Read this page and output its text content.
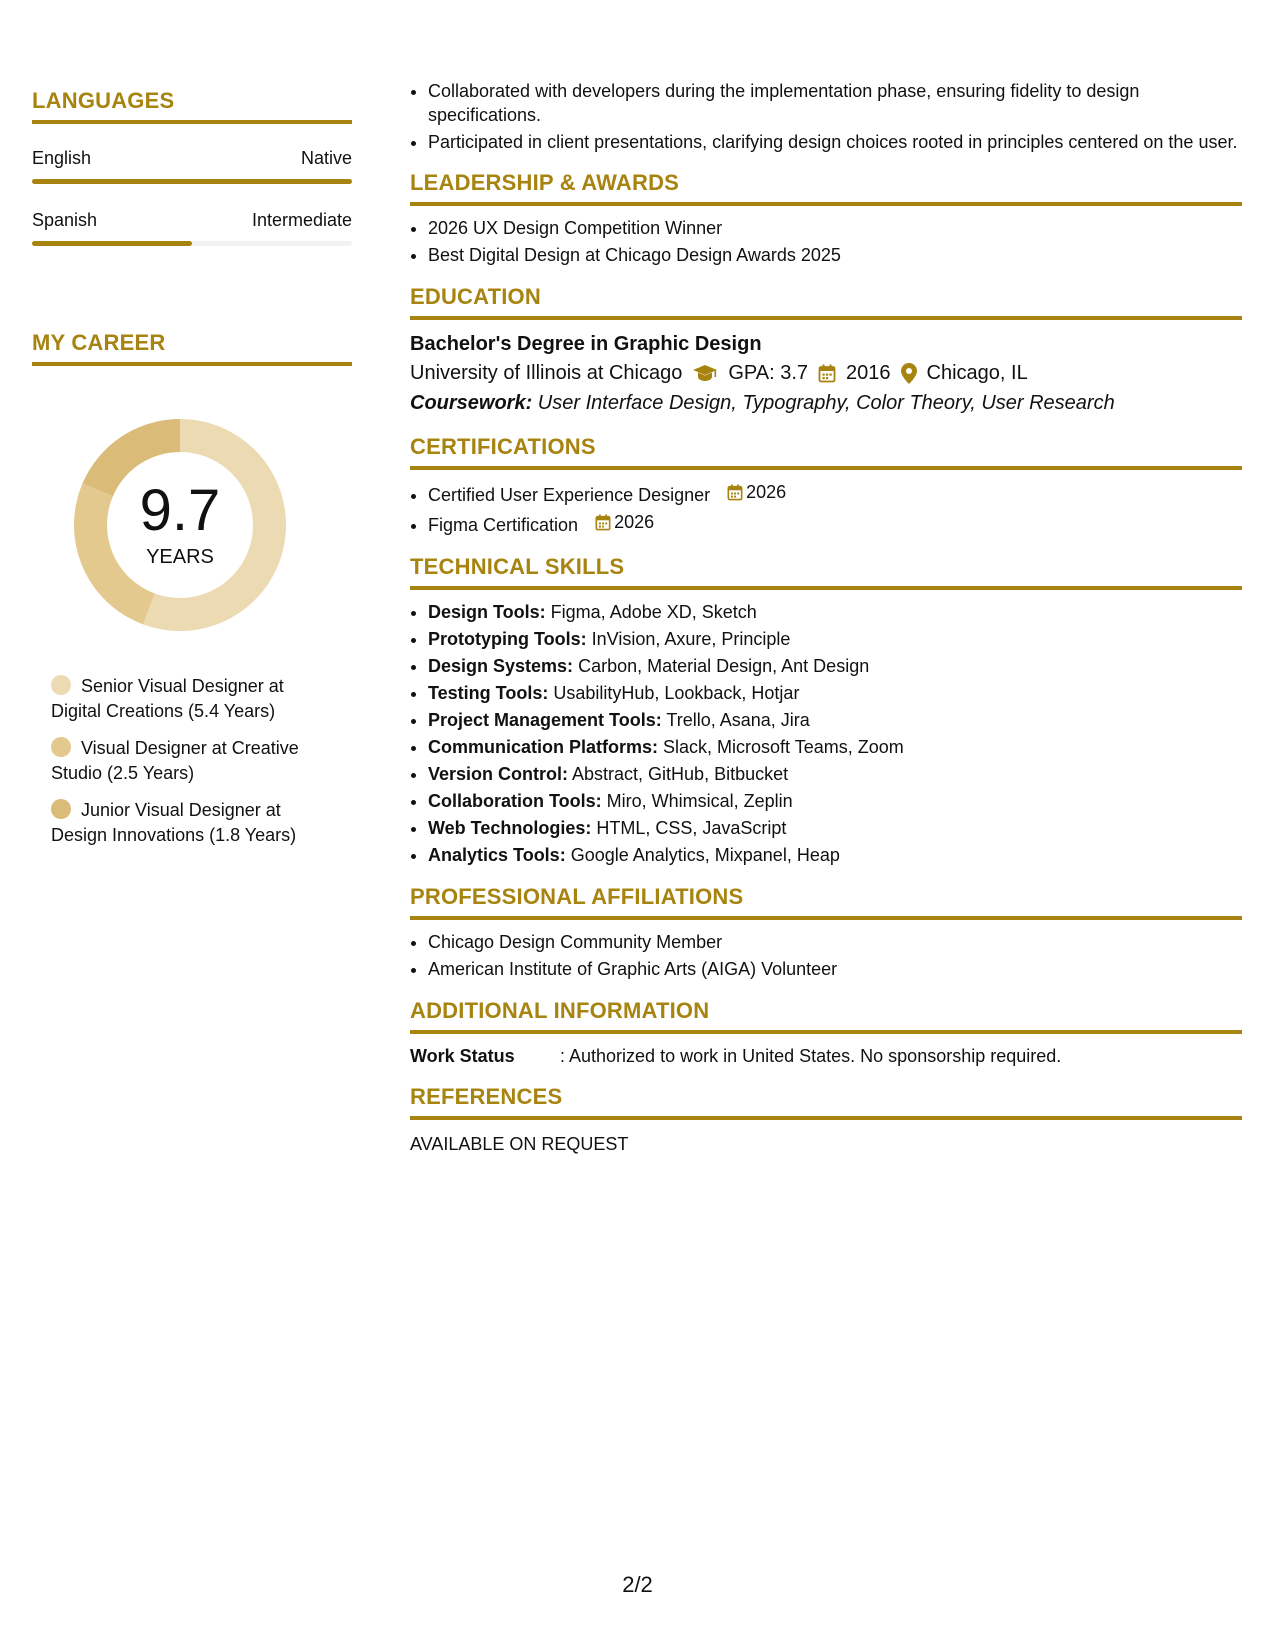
LANGUAGES
English	Native
Spanish	Intermediate
MY CAREER
9.7
YEARS
Senior Visual Designer at Digital Creations (5.4 Years)
Visual Designer at Creative Studio (2.5 Years)
Junior Visual Designer at Design Innovations (1.8 Years)
• Collaborated with developers during the implementation phase, ensuring fidelity to design specifications.
• Participated in client presentations, clarifying design choices rooted in principles centered on the user.
LEADERSHIP & AWARDS
• 2026 UX Design Competition Winner
• Best Digital Design at Chicago Design Awards 2025
EDUCATION
Bachelor's Degree in Graphic Design
University of Illinois at Chicago GPA: 3.7 2016 Chicago, IL
Coursework: User Interface Design, Typography, Color Theory, User Research
CERTIFICATIONS
• Certified User Experience Designer 2026
• Figma Certification 2026
TECHNICAL SKILLS
• Design Tools: Figma, Adobe XD, Sketch
• Prototyping Tools: InVision, Axure, Principle
• Design Systems: Carbon, Material Design, Ant Design
• Testing Tools: UsabilityHub, Lookback, Hotjar
• Project Management Tools: Trello, Asana, Jira
• Communication Platforms: Slack, Microsoft Teams, Zoom
• Version Control: Abstract, GitHub, Bitbucket
• Collaboration Tools: Miro, Whimsical, Zeplin
• Web Technologies: HTML, CSS, JavaScript
• Analytics Tools: Google Analytics, Mixpanel, Heap
PROFESSIONAL AFFILIATIONS
• Chicago Design Community Member
• American Institute of Graphic Arts (AIGA) Volunteer
ADDITIONAL INFORMATION
Work Status	: Authorized to work in United States. No sponsorship required.
REFERENCES
AVAILABLE ON REQUEST
2/2
